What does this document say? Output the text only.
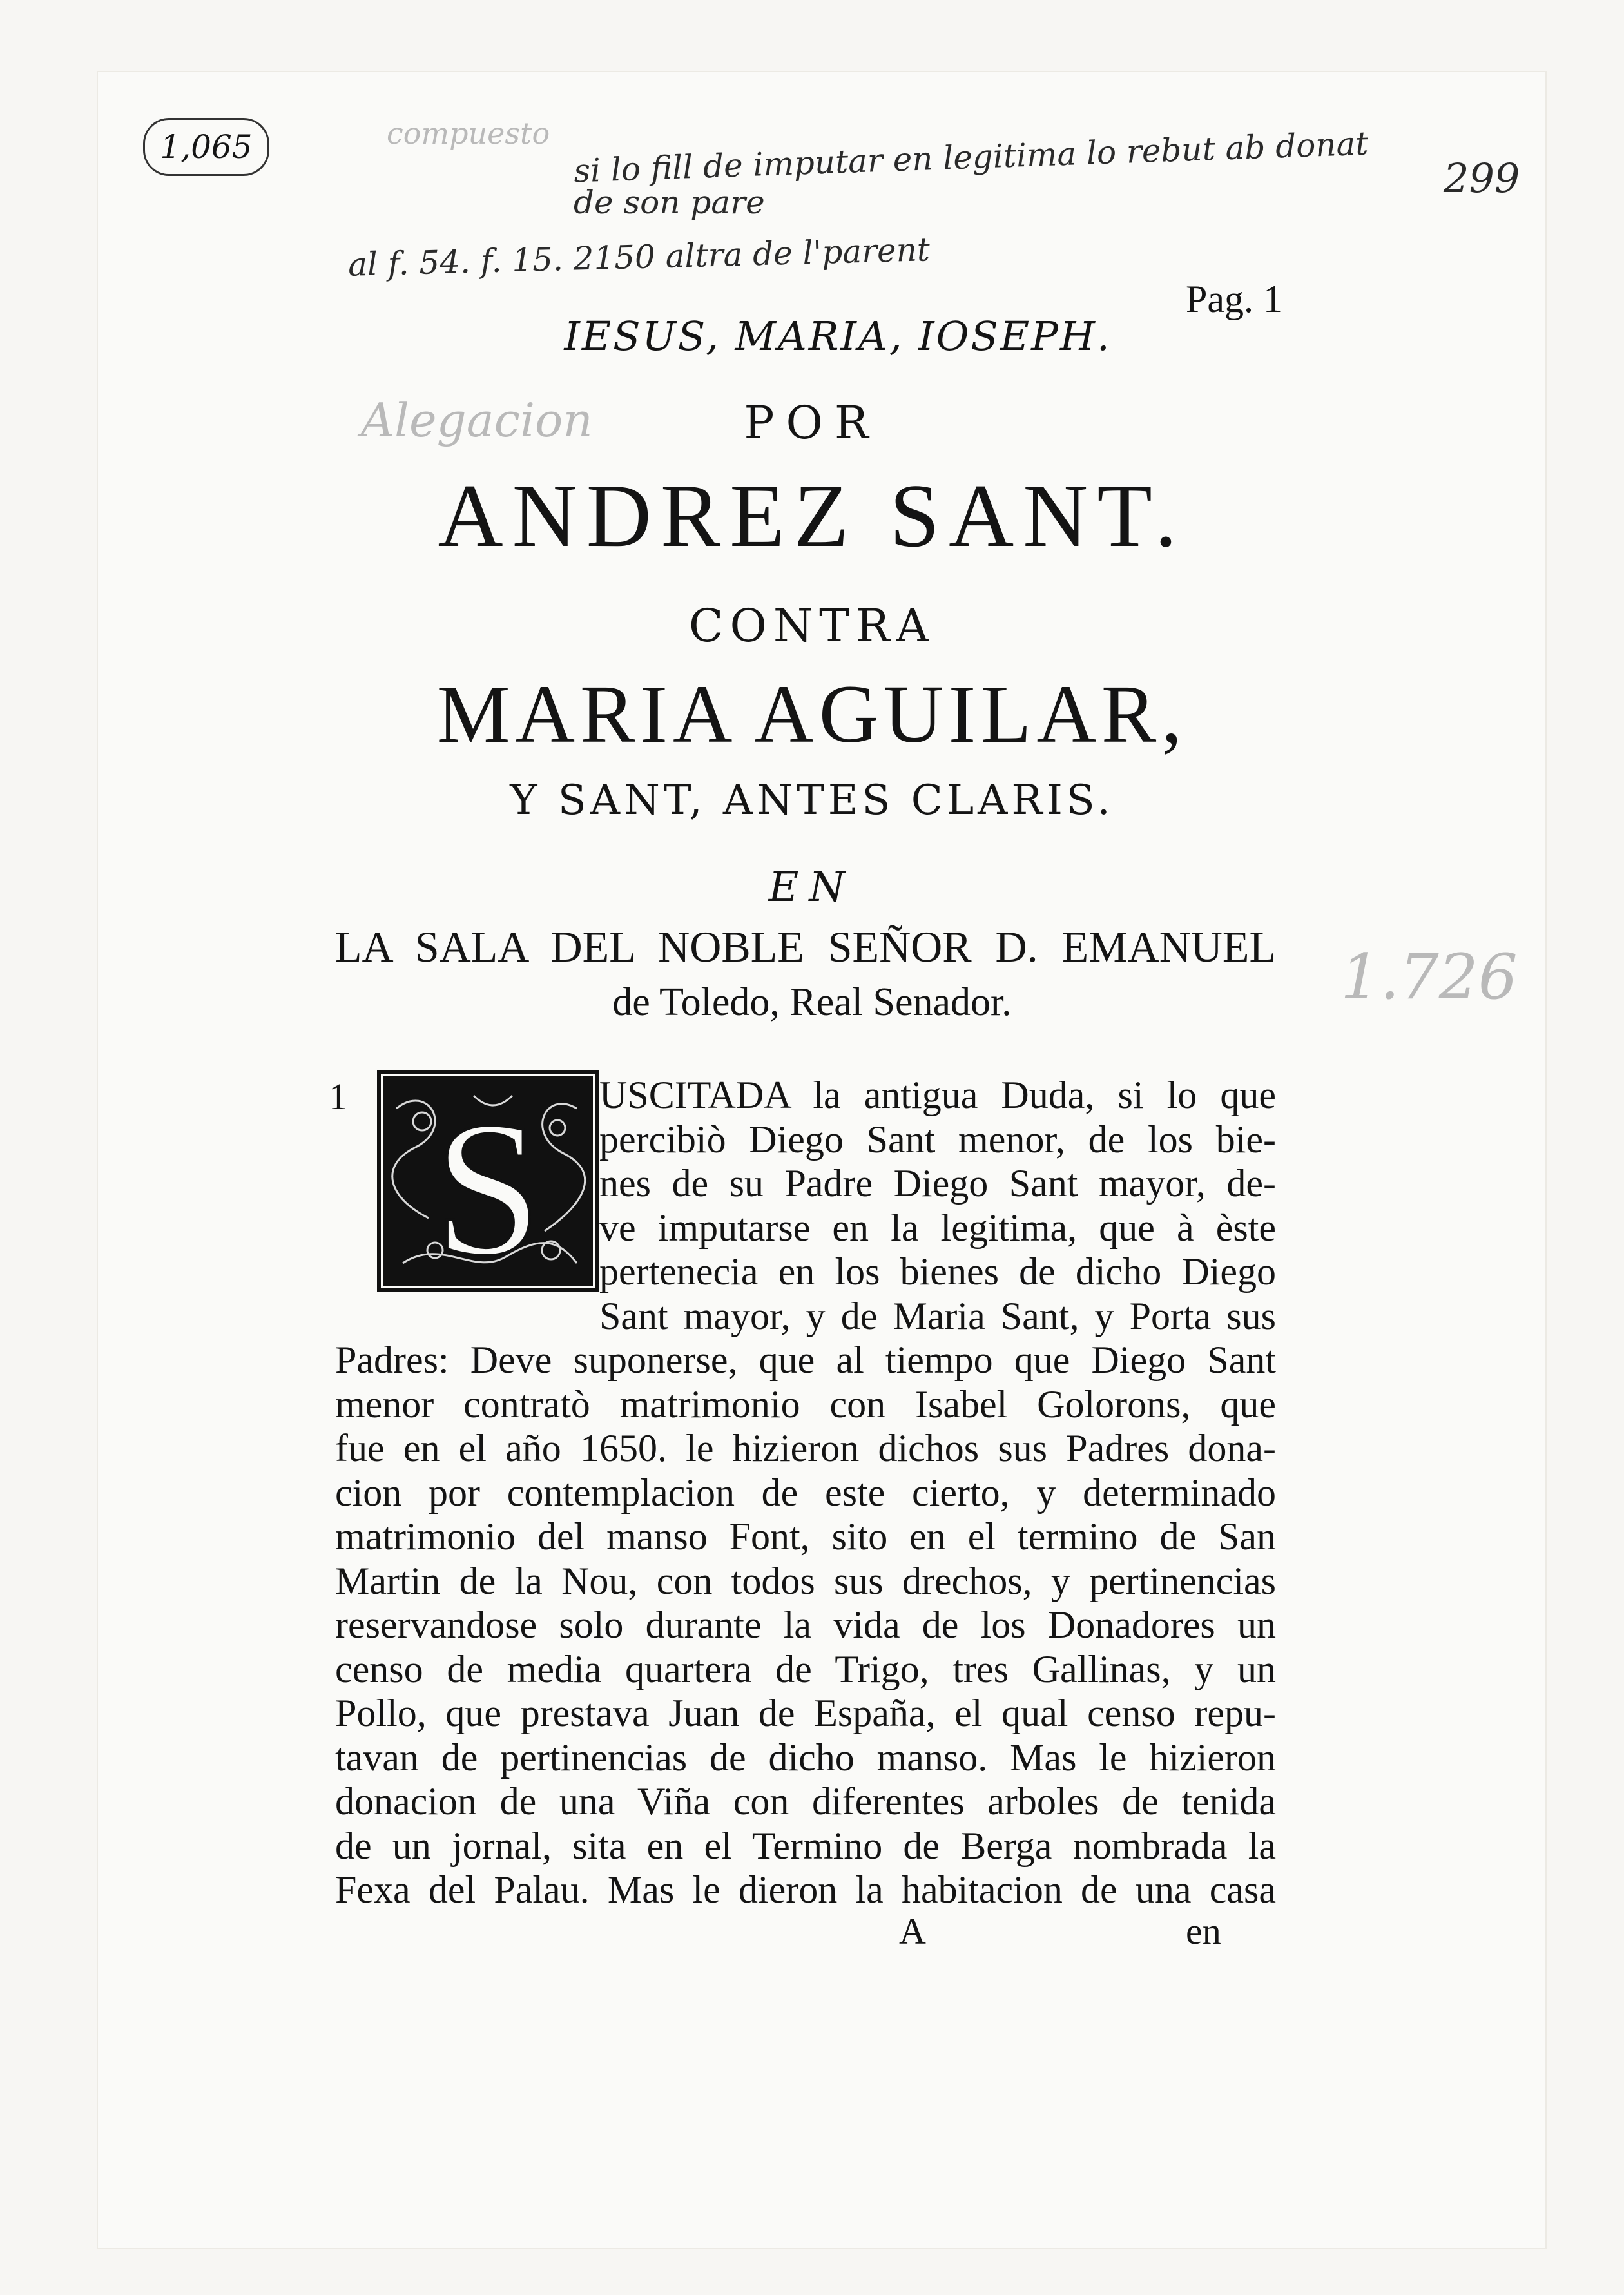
1,065	compuesto si lo fill de imputar en legitima lo rebut ab donat
de son pare
al f. 54. f. 15. 2150 altra de l'parent
299
Alegacion
1.726
IESUS, MARIA, IOSEPH.
Pag. 1
POR
ANDREZ SANT.
CONTRA
MARIA AGUILAR,
Y SANT, ANTES CLARIS.
EN
LA SALA DEL NOBLE SEÑOR D. EMANUEL
de Toledo, Real Senador.
1 S USCITADA la antigua Duda, si lo que
percibiò Diego Sant menor, de los bie-
nes de su Padre Diego Sant mayor, de-
ve imputarse en la legitima, que à èste
pertenecia en los bienes de dicho Diego
Sant mayor, y de Maria Sant, y Porta sus
Padres: Deve suponerse, que al tiempo que Diego Sant
menor contratò matrimonio con Isabel Golorons, que
fue en el año 1650. le hizieron dichos sus Padres dona-
cion por contemplacion de este cierto, y determinado
matrimonio del manso Font, sito en el termino de San
Martin de la Nou, con todos sus drechos, y pertinencias
reservandose solo durante la vida de los Donadores un
censo de media quartera de Trigo, tres Gallinas, y un
Pollo, que prestava Juan de España, el qual censo repu-
tavan de pertinencias de dicho manso. Mas le hizieron
donacion de una Viña con diferentes arboles de tenida
de un jornal, sita en el Termino de Berga nombrada la
Fexa del Palau. Mas le dieron la habitacion de una casa
A	en
